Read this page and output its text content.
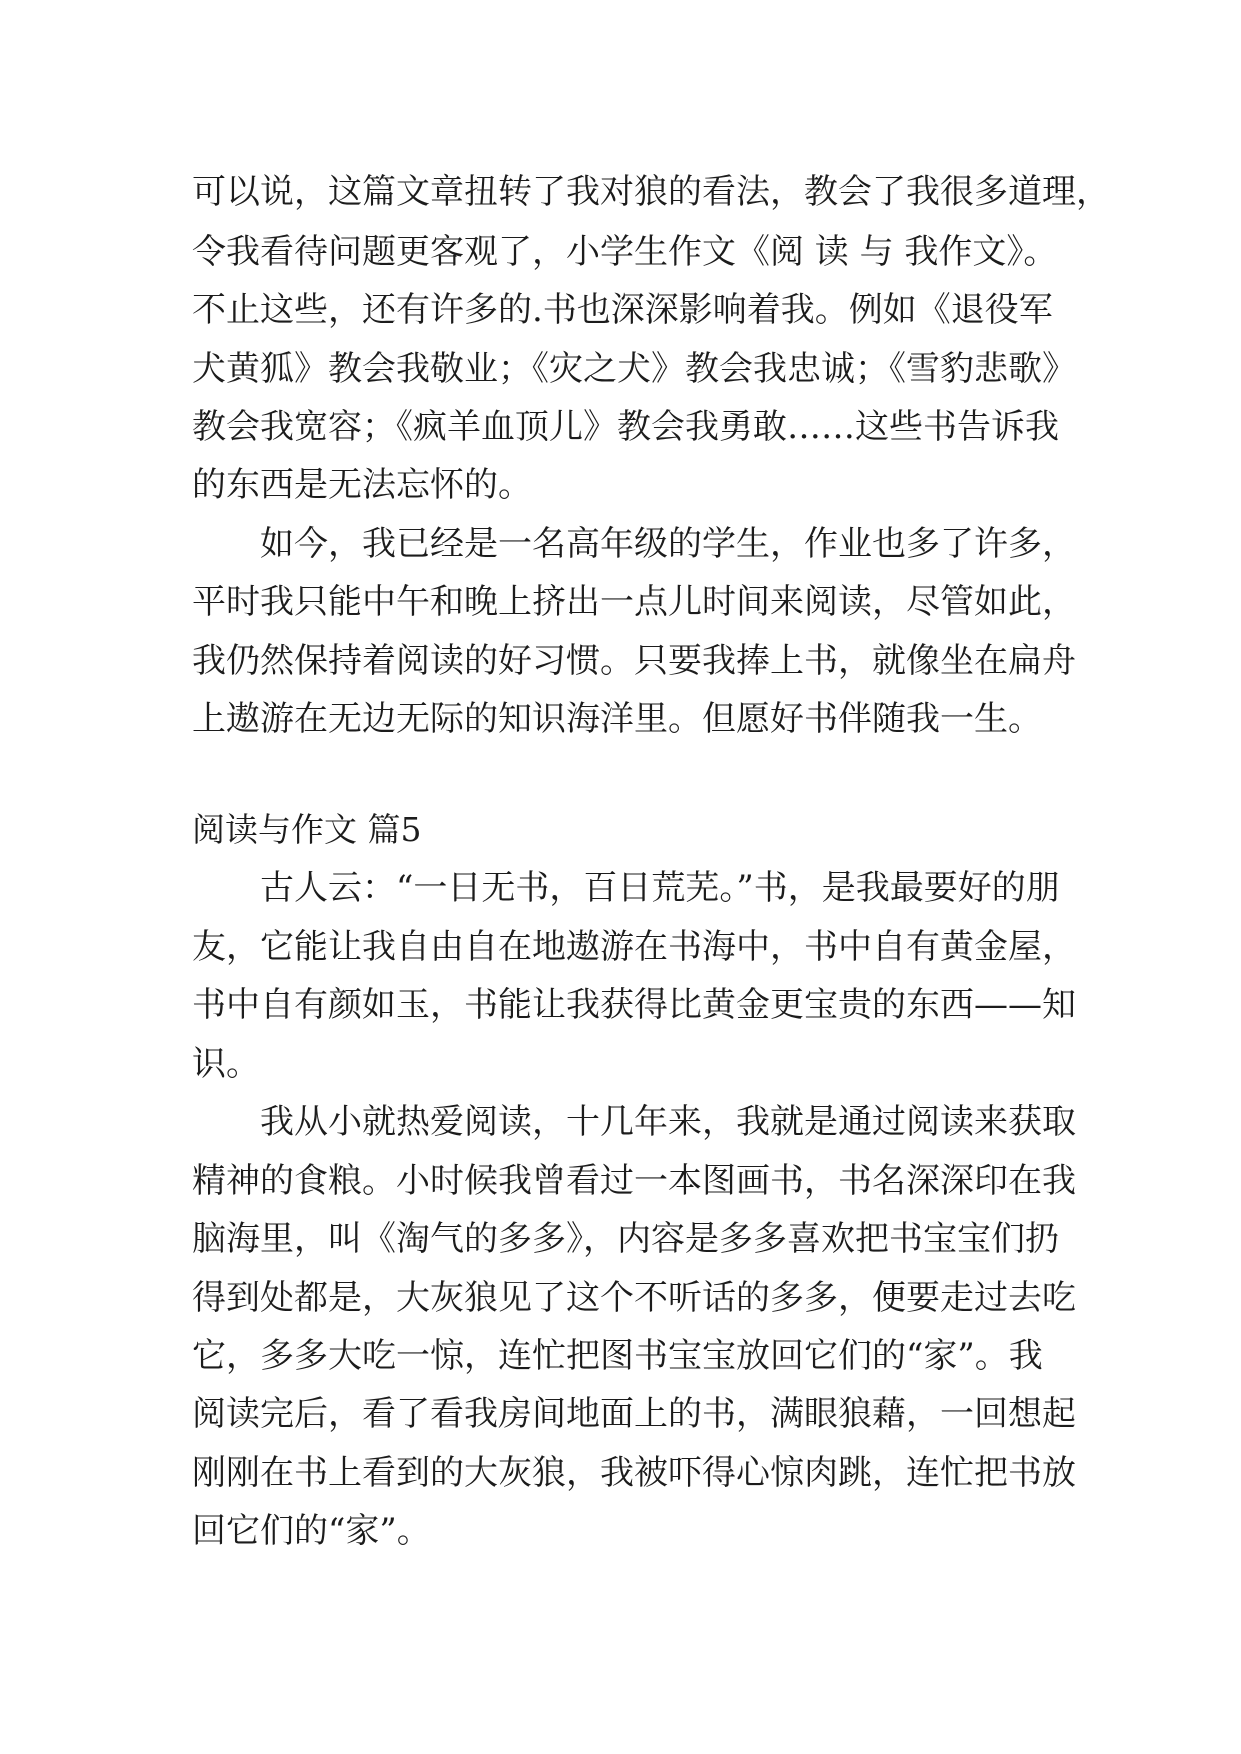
可以说，这篇文章扭转了我对狼的看法，教会了我很多道理，
令我看待问题更客观了，小学生作文《阅 读 与 我作文》。
不止这些，还有许多的.书也深深影响着我。例如《退役军
犬黄狐》教会我敬业；《灾之犬》教会我忠诚；《雪豹悲歌》
教会我宽容；《疯羊血顶儿》教会我勇敢……这些书告诉我
的东西是无法忘怀的。
如今，我已经是一名高年级的学生，作业也多了许多，
平时我只能中午和晚上挤出一点儿时间来阅读，尽管如此，
我仍然保持着阅读的好习惯。只要我捧上书，就像坐在扁舟
上遨游在无边无际的知识海洋里。但愿好书伴随我一生。
阅读与作文 篇5
古人云：“一日无书，百日荒芜。”书，是我最要好的朋
友，它能让我自由自在地遨游在书海中，书中自有黄金屋，
书中自有颜如玉，书能让我获得比黄金更宝贵的东西——知
识。
我从小就热爱阅读，十几年来，我就是通过阅读来获取
精神的食粮。小时候我曾看过一本图画书，书名深深印在我
脑海里，叫《淘气的多多》，内容是多多喜欢把书宝宝们扔
得到处都是，大灰狼见了这个不听话的多多，便要走过去吃
它，多多大吃一惊，连忙把图书宝宝放回它们的“家”。我
阅读完后，看了看我房间地面上的书，满眼狼藉，一回想起
刚刚在书上看到的大灰狼，我被吓得心惊肉跳，连忙把书放
回它们的“家”。
